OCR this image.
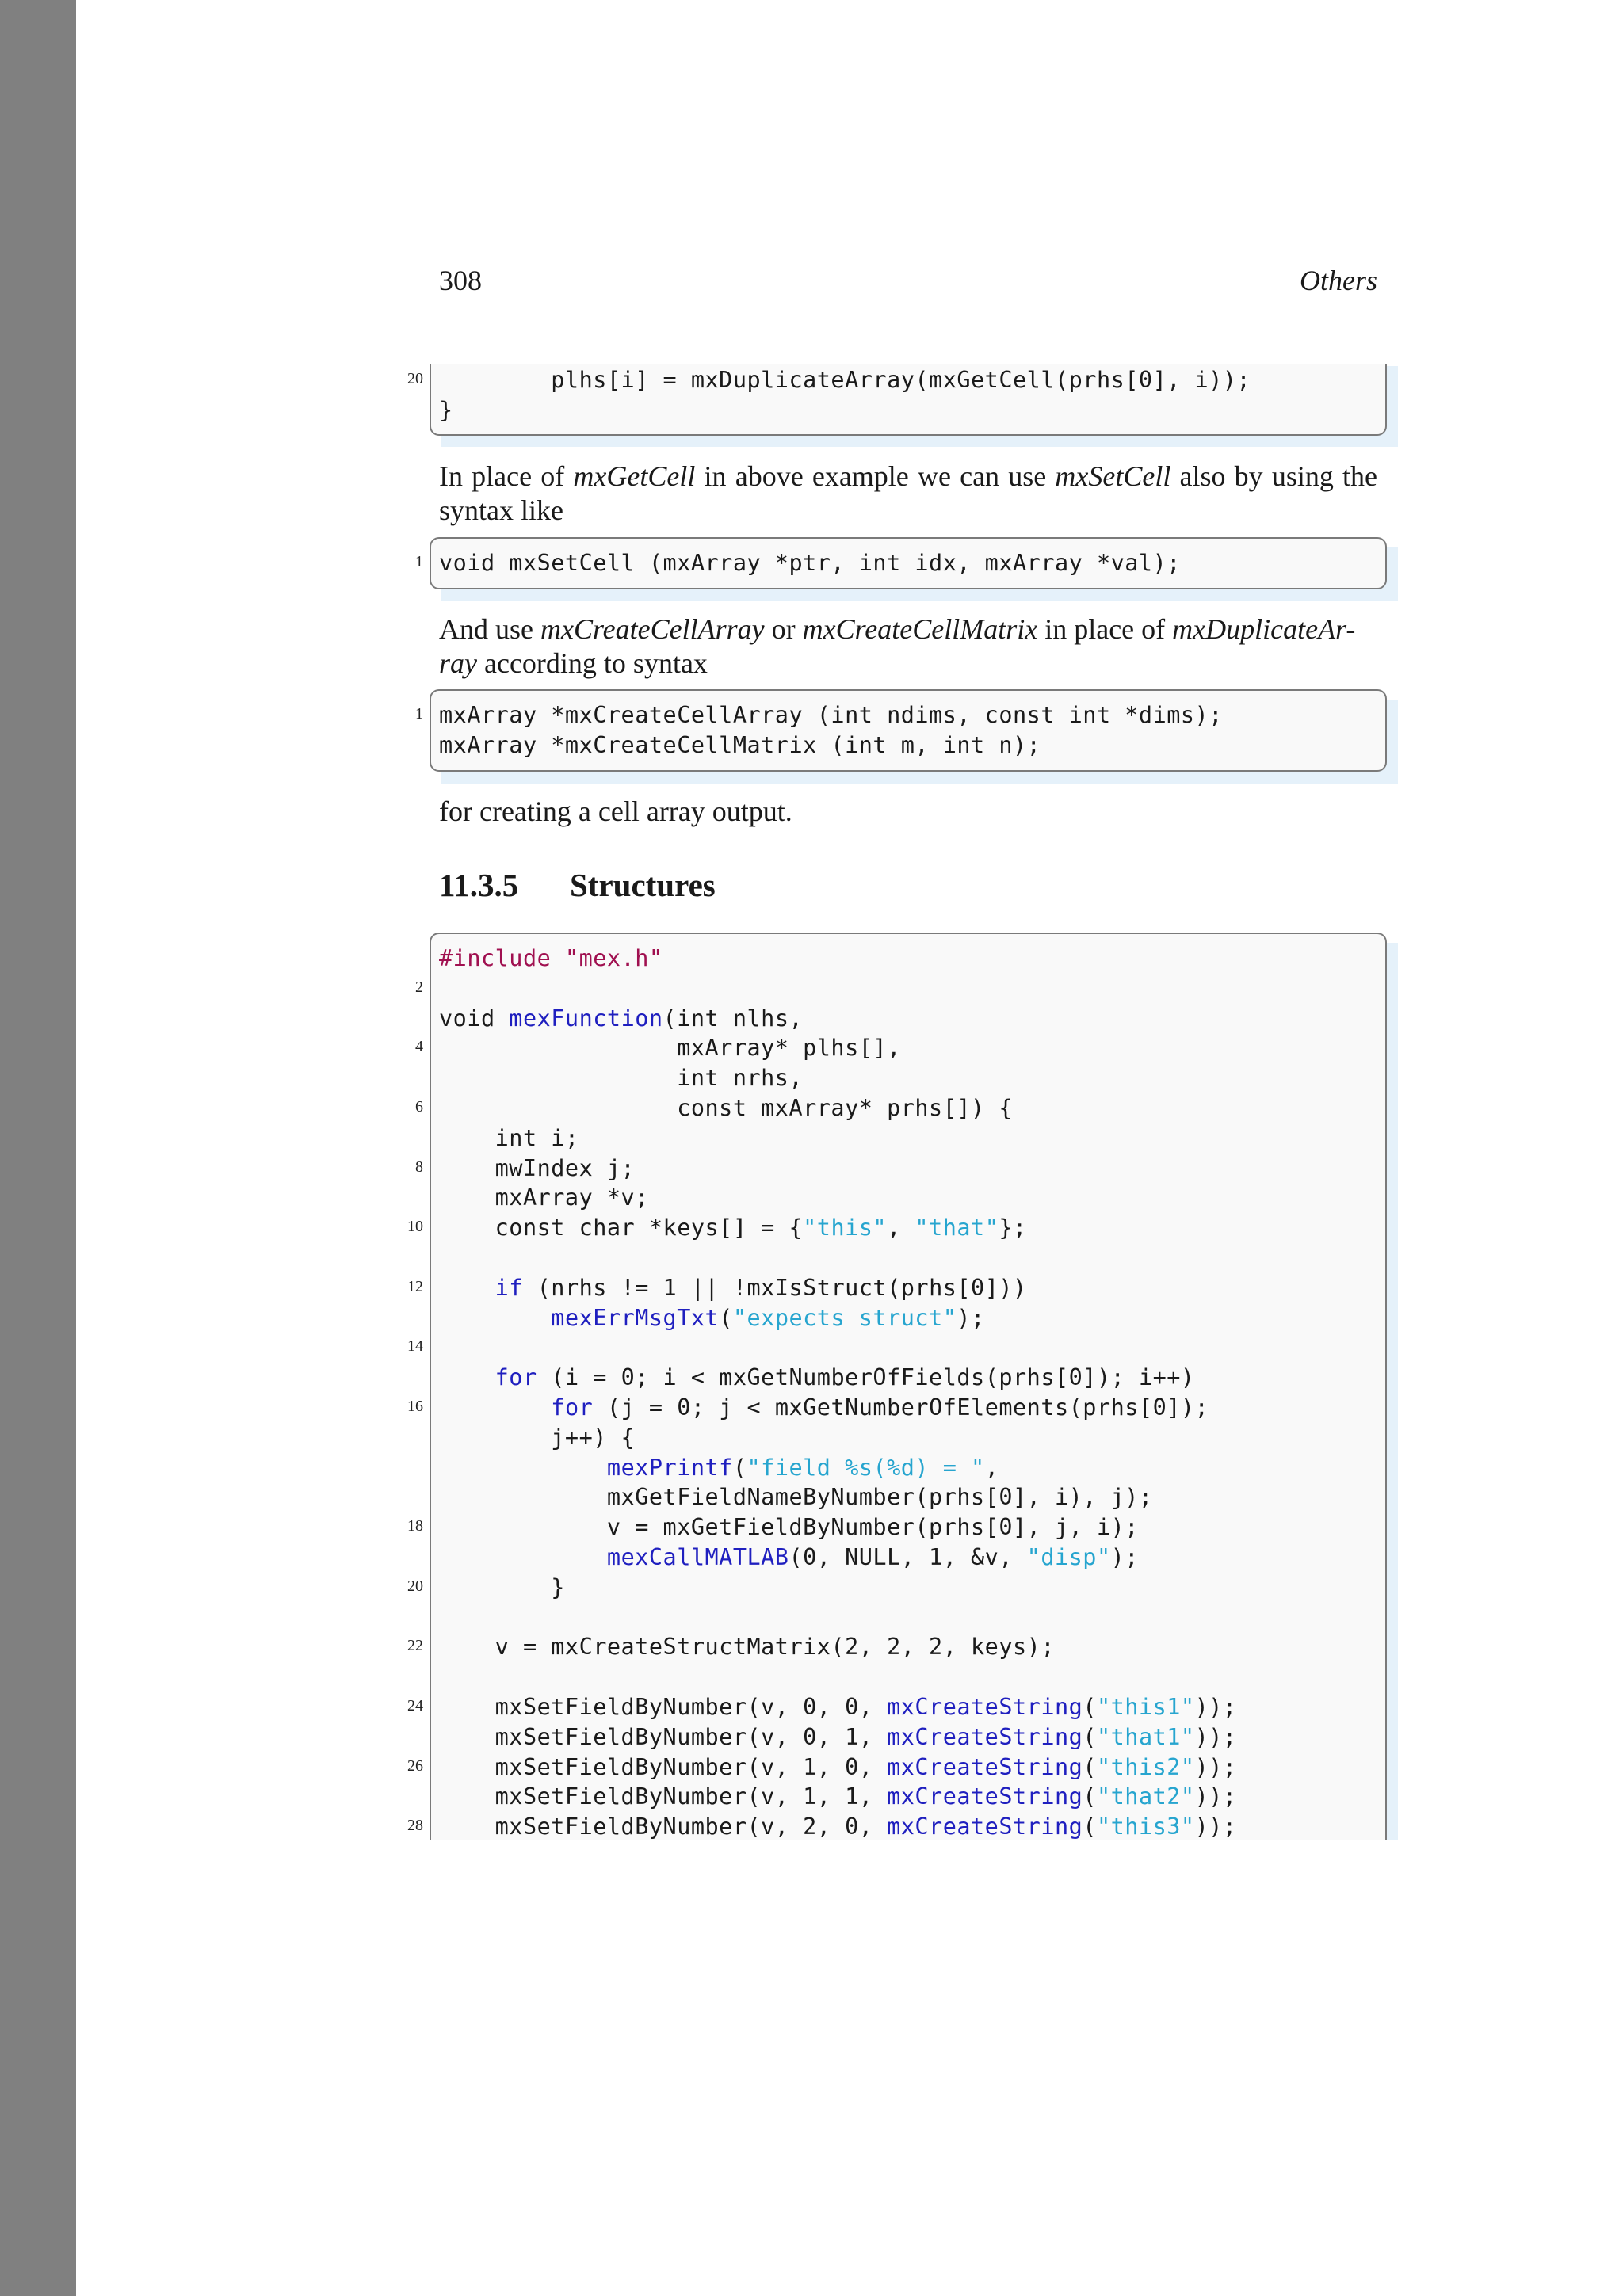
308	Others
In place of mxGetCell in above example we can use mxSetCell also by using the syntax like
And use mxCreateCellArray or mxCreateCellMatrix in place of mxDuplicateAr-
ray according to syntax
for creating a cell array output.
11.3.5 Structures
plhs[i] = mxDuplicateArray(mxGetCell(prhs[0], i));
20
}
void mxSetCell (mxArray *ptr, int idx, mxArray *val);
1
mxArray *mxCreateCellArray (int ndims, const int *dims);
1
mxArray *mxCreateCellMatrix (int m, int n);
#include "mex.h"
2
void mexFunction(int nlhs,
mxArray* plhs[],
4
int nrhs,
const mxArray* prhs[]) {
6
int i;
mwIndex j;
8
mxArray *v;
const char *keys[] = {"this", "that"};
10
if (nrhs != 1 || !mxIsStruct(prhs[0]))
12
mexErrMsgTxt("expects struct");
14
for (i = 0; i < mxGetNumberOfFields(prhs[0]); i++)
for (j = 0; j < mxGetNumberOfElements(prhs[0]);
16
j++) {
mexPrintf("field %s(%d) = ",
mxGetFieldNameByNumber(prhs[0], i), j);
v = mxGetFieldByNumber(prhs[0], j, i);
18
mexCallMATLAB(0, NULL, 1, &v, "disp");
}
20
v = mxCreateStructMatrix(2, 2, 2, keys);
22
mxSetFieldByNumber(v, 0, 0, mxCreateString("this1"));
24
mxSetFieldByNumber(v, 0, 1, mxCreateString("that1"));
mxSetFieldByNumber(v, 1, 0, mxCreateString("this2"));
26
mxSetFieldByNumber(v, 1, 1, mxCreateString("that2"));
mxSetFieldByNumber(v, 2, 0, mxCreateString("this3"));
28
